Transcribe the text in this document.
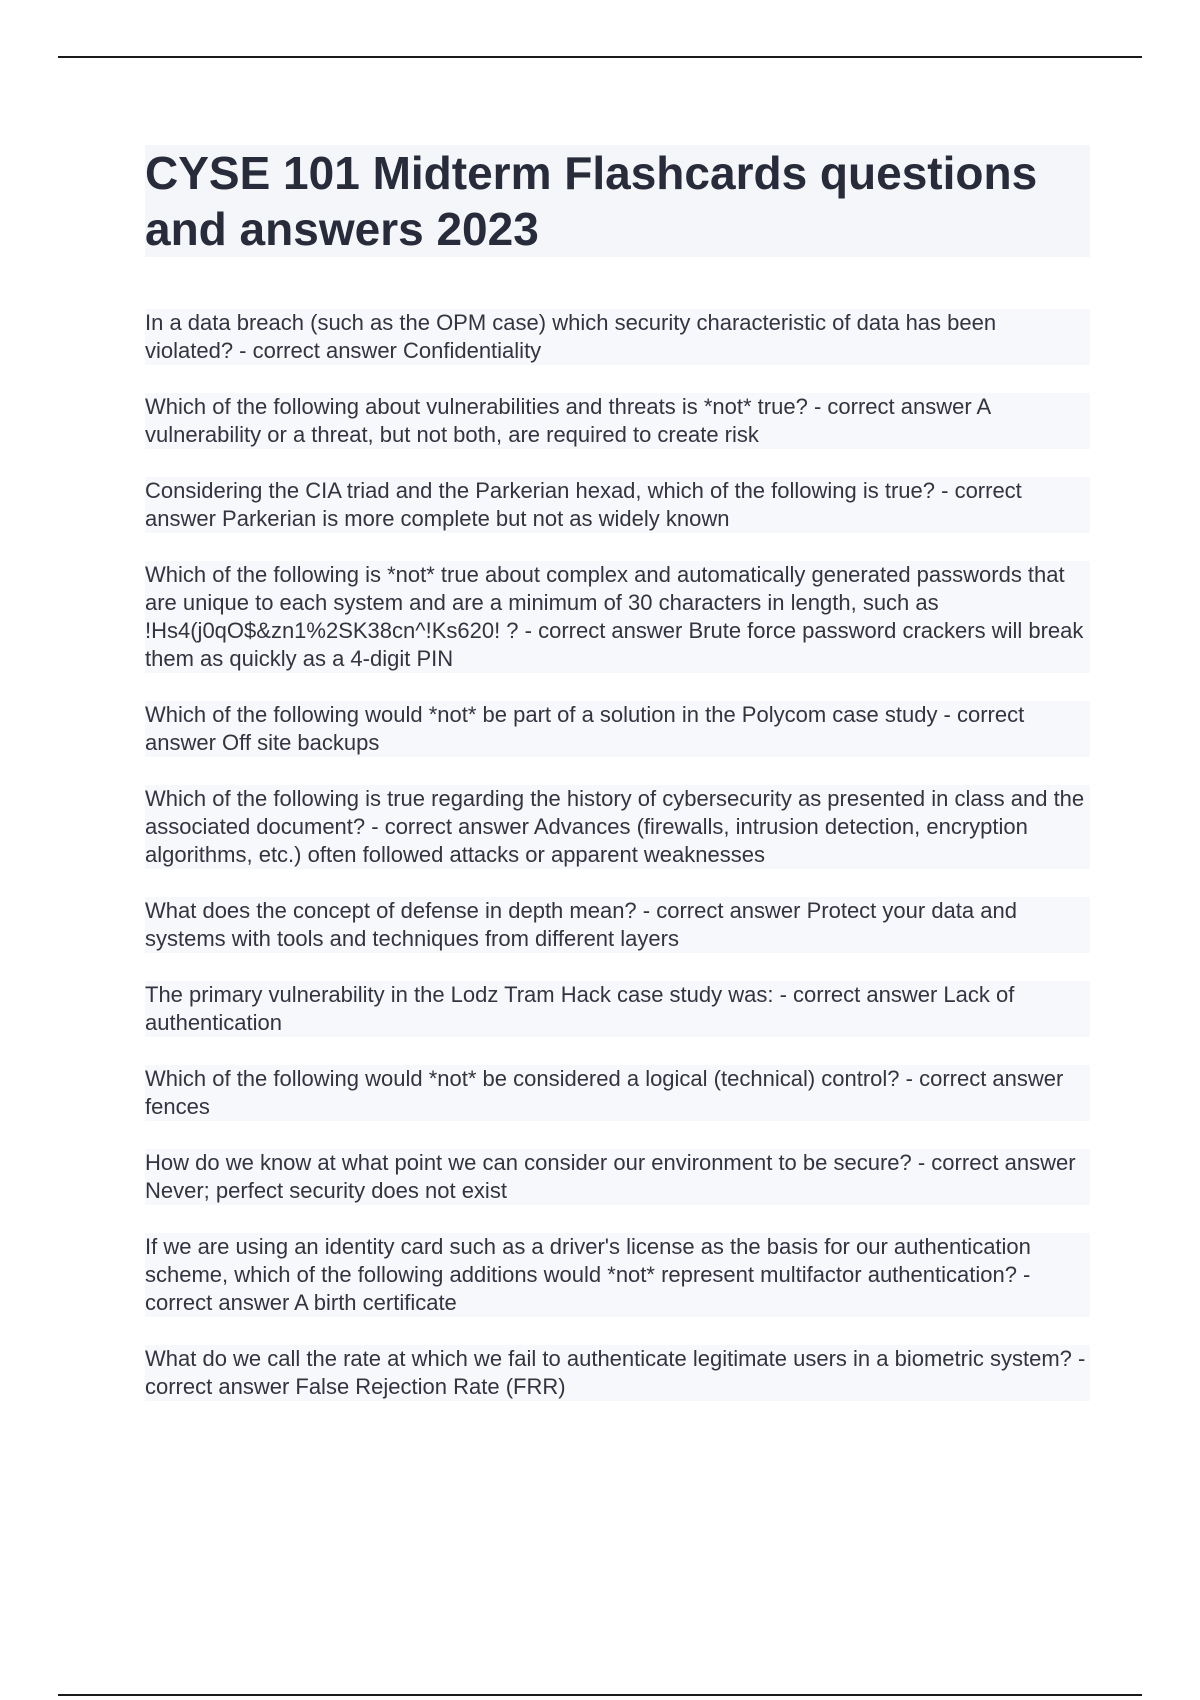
CYSE 101 Midterm Flashcards questions and answers 2023

In a data breach (such as the OPM case) which security characteristic of data has been violated? - correct answer Confidentiality

Which of the following about vulnerabilities and threats is *not* true? - correct answer A vulnerability or a threat, but not both, are required to create risk

Considering the CIA triad and the Parkerian hexad, which of the following is true? - correct answer Parkerian is more complete but not as widely known

Which of the following is *not* true about complex and automatically generated passwords that are unique to each system and are a minimum of 30 characters in length, such as !Hs4(j0qO$&zn1%2SK38cn^!Ks620! ? - correct answer Brute force password crackers will break them as quickly as a 4-digit PIN

Which of the following would *not* be part of a solution in the Polycom case study - correct answer Off site backups

Which of the following is true regarding the history of cybersecurity as presented in class and the associated document? - correct answer Advances (firewalls, intrusion detection, encryption algorithms, etc.) often followed attacks or apparent weaknesses

What does the concept of defense in depth mean? - correct answer Protect your data and systems with tools and techniques from different layers

The primary vulnerability in the Lodz Tram Hack case study was: - correct answer Lack of authentication

Which of the following would *not* be considered a logical (technical) control? - correct answer fences

How do we know at what point we can consider our environment to be secure? - correct answer Never; perfect security does not exist

If we are using an identity card such as a driver's license as the basis for our authentication scheme, which of the following additions would *not* represent multifactor authentication? - correct answer A birth certificate

What do we call the rate at which we fail to authenticate legitimate users in a biometric system? - correct answer False Rejection Rate (FRR)
